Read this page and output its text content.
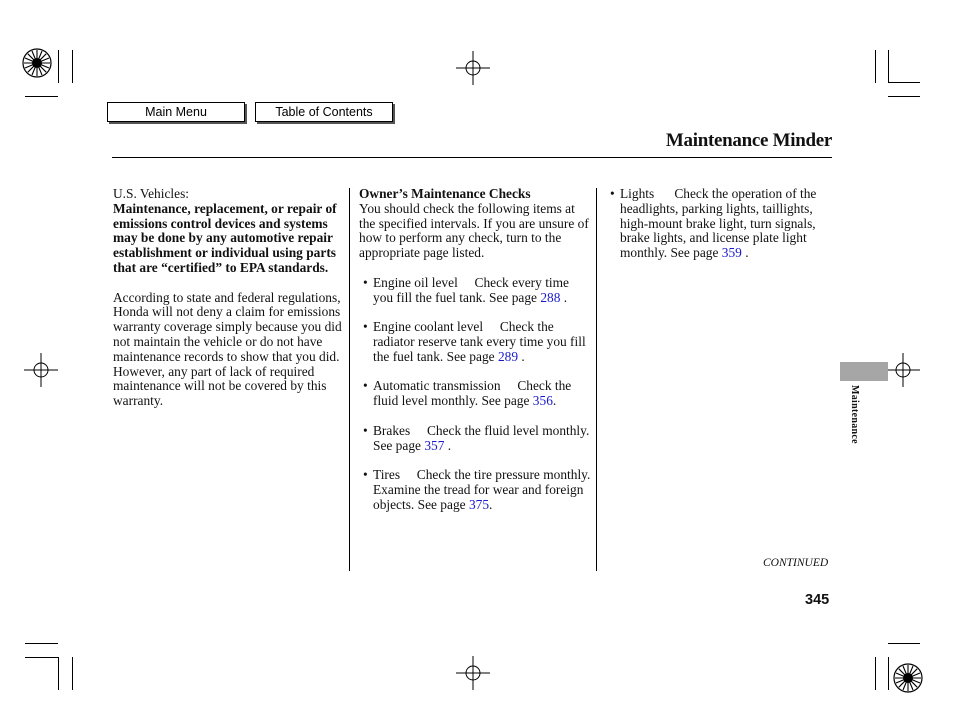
Main Menu	Table of Contents
Maintenance Minder

U.S. Vehicles:

Maintenance, replacement, or repair of emissions control devices and systems may be done by any automotive repair establishment or individual using parts that are “certified” to EPA standards.

According to state and federal regulations, Honda will not deny a claim for emissions warranty coverage simply because you did not maintain the vehicle or do not have maintenance records to show that you did. However, any part of lack of required maintenance will not be covered by this warranty.

Owner’s Maintenance Checks

You should check the following items at the specified intervals. If you are unsure of how to perform any check, turn to the appropriate page listed.

• Engine oil level Check every time you fill the fuel tank. See page 288 .
• Engine coolant level Check the radiator reserve tank every time you fill the fuel tank. See page 289 .
• Automatic transmission Check the fluid level monthly. See page 356.
• Brakes Check the fluid level monthly. See page 357 .
• Tires Check the tire pressure monthly. Examine the tread for wear and foreign objects. See page 375.
• Lights Check the operation of the headlights, parking lights, taillights, high-mount brake light, turn signals, brake lights, and license plate light monthly. See page 359 .
Maintenance
CONTINUED
345
